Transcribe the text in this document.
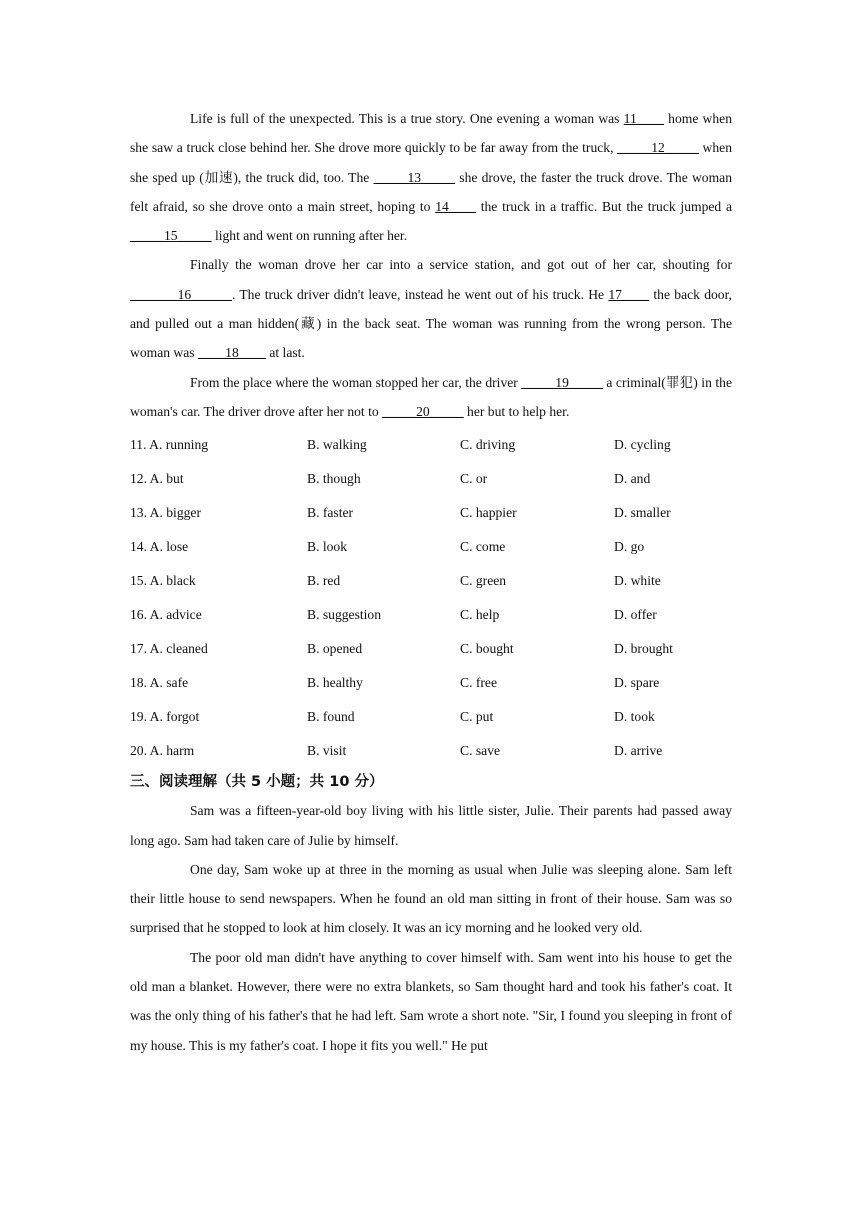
Life is full of the unexpected. This is a true story. One evening a woman was 11____ home when she saw a truck close behind her. She drove more quickly to be far away from the truck, _____12_____ when she sped up (加速), the truck did, too. The _____13_____ she drove, the faster the truck drove. The woman felt afraid, so she drove onto a main street, hoping to 14____ the truck in a traffic. But the truck jumped a _____15_____ light and went on running after her.

Finally the woman drove her car into a service station, and got out of her car, shouting for _______16______. The truck driver didn't leave, instead he went out of his truck. He 17____ the back door, and pulled out a man hidden(藏) in the back seat. The woman was running from the wrong person. The woman was ____18____ at last.

From the place where the woman stopped her car, the driver _____19_____ a criminal(罪犯) in the woman's car. The driver drove after her not to _____20_____ her but to help her.

11. A. running	B. walking	C. driving	D. cycling
12. A. but	B. though	C. or	D. and
13. A. bigger	B. faster	C. happier	D. smaller
14. A. lose	B. look	C. come	D. go
15. A. black	B. red	C. green	D. white
16. A. advice	B. suggestion	C. help	D. offer
17. A. cleaned	B. opened	C. bought	D. brought
18. A. safe	B. healthy	C. free	D. spare
19. A. forgot	B. found	C. put	D. took
20. A. harm	B. visit	C. save	D. arrive

三、阅读理解（共 5 小题；共 10 分）

Sam was a fifteen-year-old boy living with his little sister, Julie. Their parents had passed away long ago. Sam had taken care of Julie by himself.

One day, Sam woke up at three in the morning as usual when Julie was sleeping alone. Sam left their little house to send newspapers. When he found an old man sitting in front of their house. Sam was so surprised that he stopped to look at him closely. It was an icy morning and he looked very old.

The poor old man didn't have anything to cover himself with. Sam went into his house to get the old man a blanket. However, there were no extra blankets, so Sam thought hard and took his father's coat. It was the only thing of his father's that he had left. Sam wrote a short note. "Sir, I found you sleeping in front of my house. This is my father's coat. I hope it fits you well." He put
